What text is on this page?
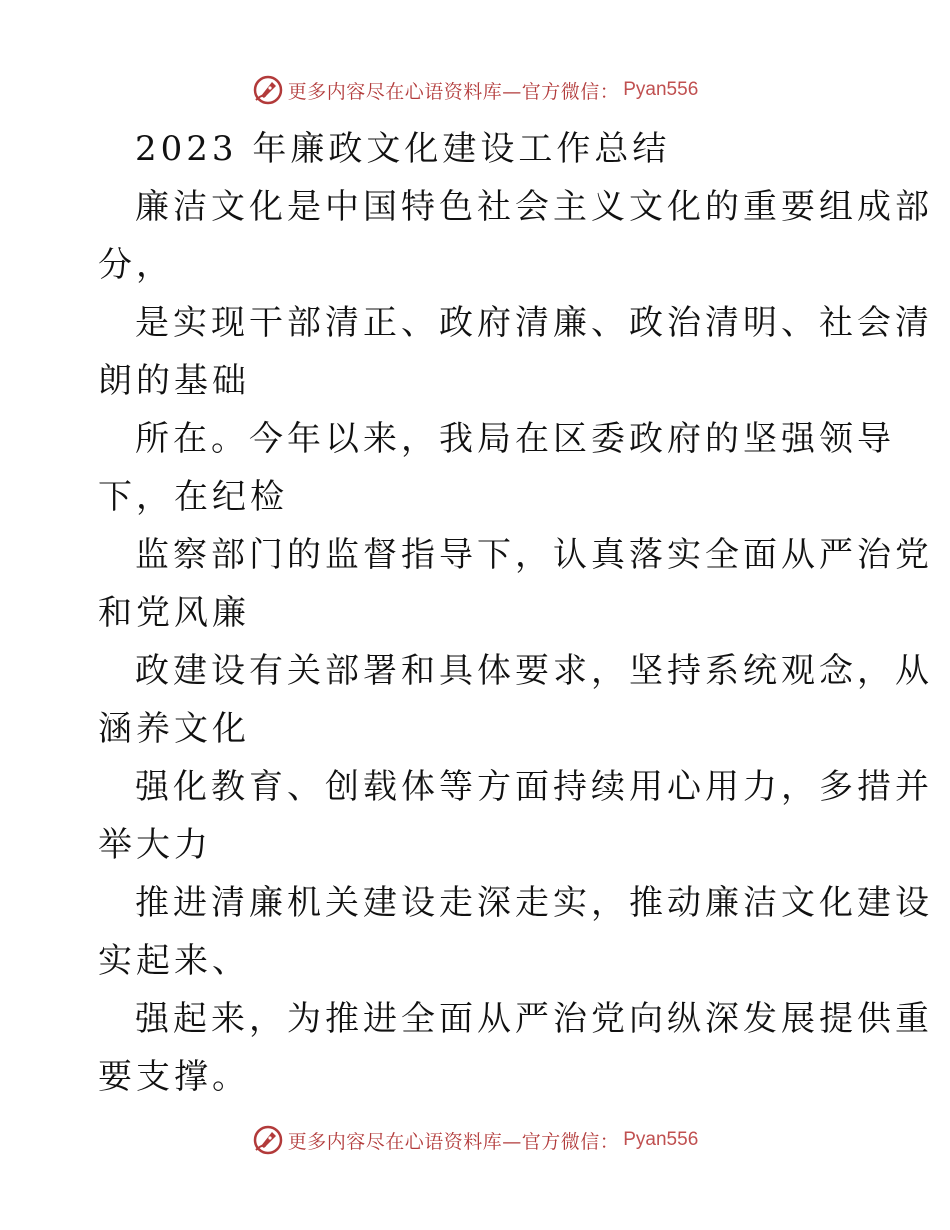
更多内容尽在心语资料库—官方微信： Pyan556
2023 年廉政文化建设工作总结
廉洁文化是中国特色社会主义文化的重要组成部
分，
是实现干部清正、政府清廉、政治清明、社会清
朗的基础
所在。今年以来，我局在区委政府的坚强领导
下，在纪检
监察部门的监督指导下，认真落实全面从严治党
和党风廉
政建设有关部署和具体要求，坚持系统观念，从
涵养文化
强化教育、创载体等方面持续用心用力，多措并
举大力
推进清廉机关建设走深走实，推动廉洁文化建设
实起来、
强起来，为推进全面从严治党向纵深发展提供重
要支撑。
更多内容尽在心语资料库—官方微信： Pyan556
